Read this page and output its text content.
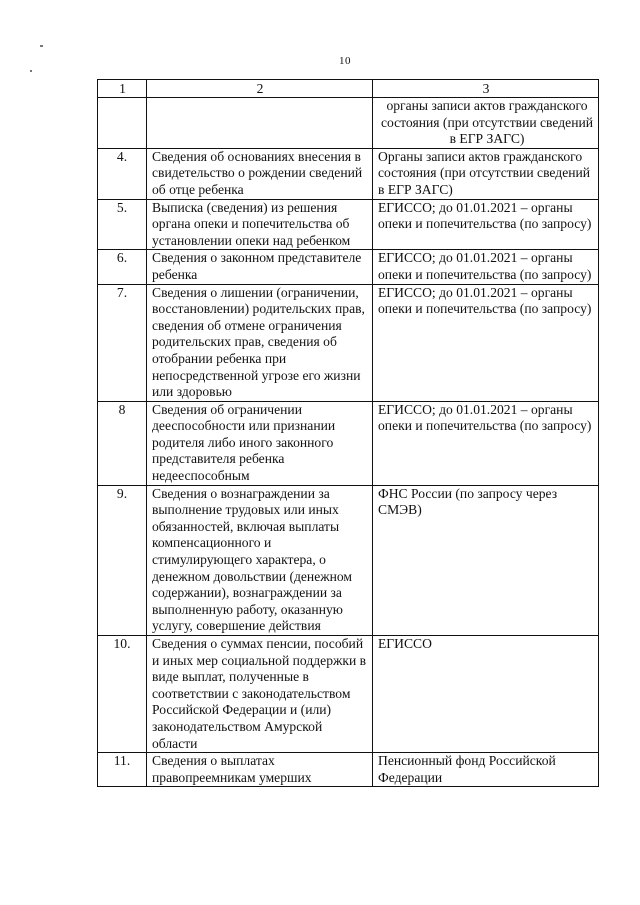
10
1	2	3
		органы записи актов гражданского состояния (при отсутствии сведений в ЕГР ЗАГС)
4.	Сведения об основаниях внесения в свидетельство о рождении сведений об отце ребенка	Органы записи актов гражданского состояния (при отсутствии сведений в ЕГР ЗАГС)
5.	Выписка (сведения) из решения органа опеки и попечительства об установлении опеки над ребенком	ЕГИССО; до 01.01.2021 – органы опеки и попечительства (по запросу)
6.	Сведения о законном представителе ребенка	ЕГИССО; до 01.01.2021 – органы опеки и попечительства (по запросу)
7.	Сведения о лишении (ограничении, восстановлении) родительских прав, сведения об отмене ограничения родительских прав, сведения об отобрании ребенка при непосредственной угрозе его жизни или здоровью	ЕГИССО; до 01.01.2021 – органы опеки и попечительства (по запросу)
8	Сведения об ограничении дееспособности или признании родителя либо иного законного представителя ребенка недееспособным	ЕГИССО; до 01.01.2021 – органы опеки и попечительства (по запросу)
9.	Сведения о вознаграждении за выполнение трудовых или иных обязанностей, включая выплаты компенсационного и стимулирующего характера, о денежном довольствии (денежном содержании), вознаграждении за выполненную работу, оказанную услугу, совершение действия	ФНС России (по запросу через СМЭВ)
10.	Сведения о суммах пенсии, пособий и иных мер социальной поддержки в виде выплат, полученные в соответствии с законодательством Российской Федерации и (или) законодательством Амурской области	ЕГИССО
11.	Сведения о выплатах правопреемникам умерших	Пенсионный фонд Российской Федерации
